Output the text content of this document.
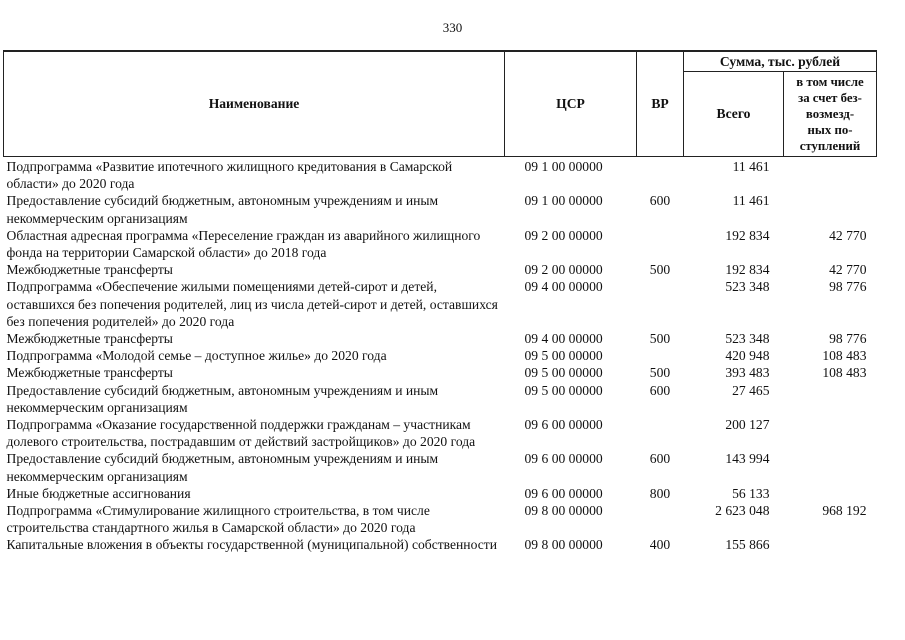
330
Наименование	ЦСР	ВР	Сумма, тыс. рублей	
			Всего	в том числе
за счет без-
возмезд-
ных по-
ступлений

Подпрограмма «Развитие ипотечного жилищного кредитования в Самарской области» до 2020 года	09 1 00 00000		11 461	
Предоставление субсидий бюджетным, автономным учреждениям и иным некоммерческим организациям	09 1 00 00000	600	11 461	
Областная адресная программа «Переселение граждан из аварийного жилищного фонда на территории Самарской области» до 2018 года	09 2 00 00000		192 834	42 770
Межбюджетные трансферты	09 2 00 00000	500	192 834	42 770
Подпрограмма «Обеспечение жилыми помещениями детей-сирот и детей, оставшихся без попечения родителей, лиц из числа детей-сирот и детей, оставшихся без попечения родителей» до 2020 года	09 4 00 00000		523 348	98 776
Межбюджетные трансферты	09 4 00 00000	500	523 348	98 776
Подпрограмма «Молодой семье – доступное жилье» до 2020 года	09 5 00 00000		420 948	108 483
Межбюджетные трансферты	09 5 00 00000	500	393 483	108 483
Предоставление субсидий бюджетным, автономным учреждениям и иным некоммерческим организациям	09 5 00 00000	600	27 465	
Подпрограмма «Оказание государственной поддержки гражданам – участникам долевого строительства, пострадавшим от действий застройщиков» до 2020 года	09 6 00 00000		200 127	
Предоставление субсидий бюджетным, автономным учреждениям и иным некоммерческим организациям	09 6 00 00000	600	143 994	
Иные бюджетные ассигнования	09 6 00 00000	800	56 133	
Подпрограмма «Стимулирование жилищного строительства, в том числе строительства стандартного жилья в Самарской области» до 2020 года	09 8 00 00000		2 623 048	968 192
Капитальные вложения в объекты государственной (муниципальной) собственности	09 8 00 00000	400	155 866	
